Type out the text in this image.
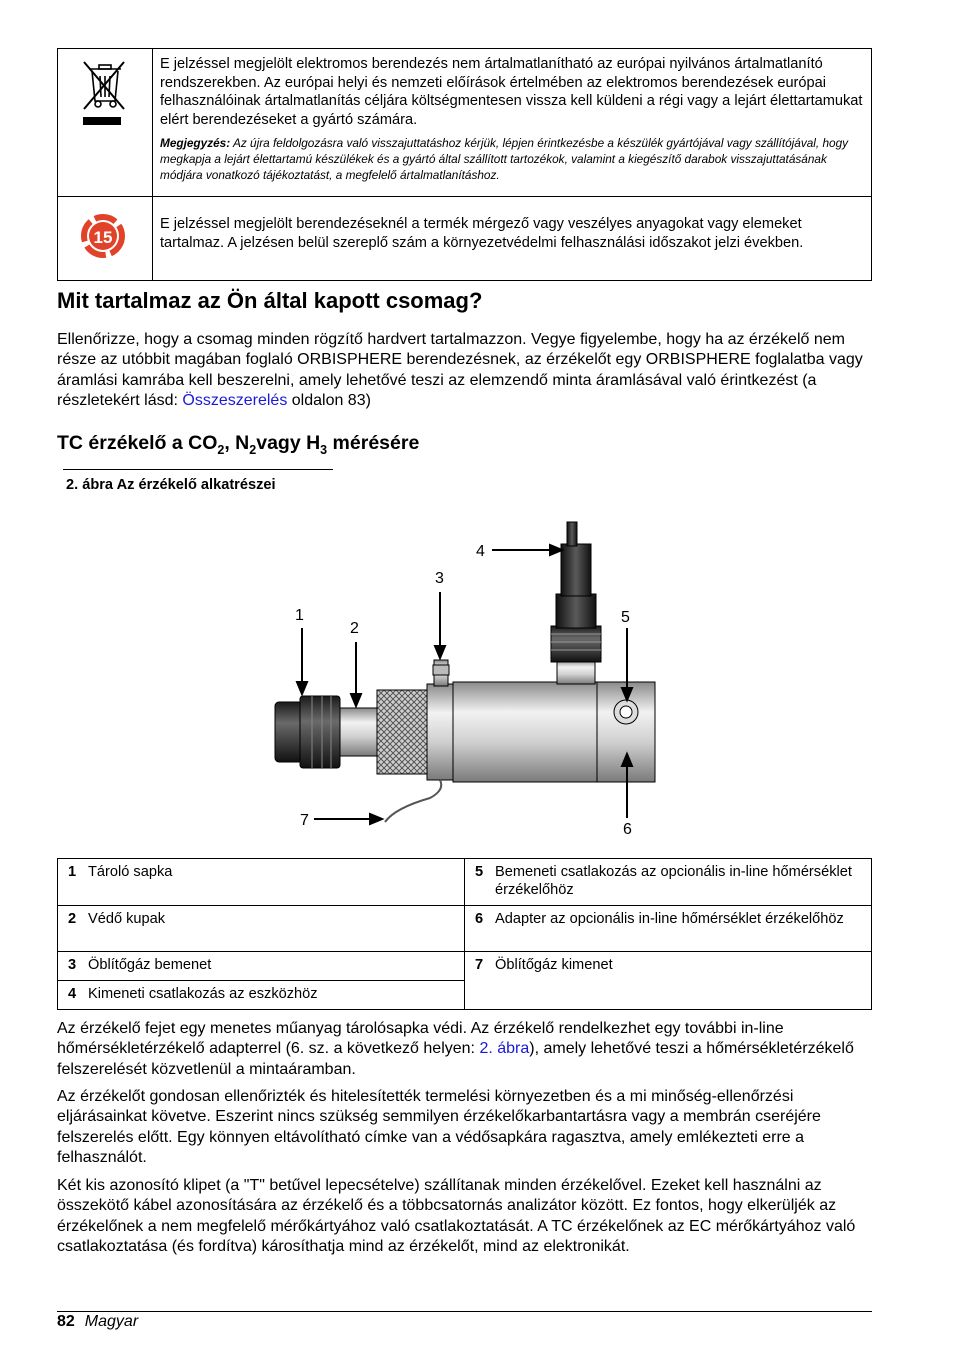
E jelzéssel megjelölt elektromos berendezés nem ártalmatlanítható az európai nyilvános ártalmatlanító rendszerekben. Az európai helyi és nemzeti előírások értelmében az elektromos berendezések európai felhasználóinak ártalmatlanítás céljára költségmentesen vissza kell küldeni a régi vagy a lejárt élettartamukat elért berendezéseket a gyártó számára.
Megjegyzés: Az újra feldolgozásra való visszajuttatáshoz kérjük, lépjen érintkezésbe a készülék gyártójával vagy szállítójával, hogy megkapja a lejárt élettartamú készülékek és a gyártó által szállított tartozékok, valamint a kiegészítő darabok visszajuttatásának módjára vonatkozó tájékoztatást, a megfelelő ártalmatlanításhoz.

15	E jelzéssel megjelölt berendezéseknél a termék mérgező vagy veszélyes anyagokat vagy elemeket tartalmaz. A jelzésen belül szereplő szám a környezetvédelmi felhasználási időszakot jelzi években.
Mit tartalmaz az Ön által kapott csomag?

Ellenőrizze, hogy a csomag minden rögzítő hardvert tartalmazzon. Vegye figyelembe, hogy ha az érzékelő nem része az utóbbit magában foglaló ORBISPHERE berendezésnek, az érzékelőt egy ORBISPHERE foglalatba vagy áramlási kamrába kell beszerelni, amely lehetővé teszi az elemzendő minta áramlásával való érintkezést (a részletekért lásd: Összeszerelés oldalon 83)

TC érzékelő a $CO_2$, $N_2vagy$ $H_3$ mérésére
2. ábra Az érzékelő alkatrészei
1
2
3
4
5
6
7
1 Tároló sapka	5 Bemeneti csatlakozás az opcionális in-line hőmérséklet érzékelőhöz
2 Védő kupak	6 Adapter az opcionális in-line hőmérséklet érzékelőhöz
3 Öblítőgáz bemenet	7 Öblítőgáz kimenet
4 Kimeneti csatlakozás az eszközhöz	

Az érzékelő fejet egy menetes műanyag tárolósapka védi. Az érzékelő rendelkezhet egy további in-line hőmérsékletérzékelő adapterrel (6. sz. a következő helyen: 2. ábra), amely lehetővé teszi a hőmérsékletérzékelő felszerelését közvetlenül a mintaáramban.

Az érzékelőt gondosan ellenőrizték és hitelesítették termelési környezetben és a mi minőség-ellenőrzési eljárásainkat követve. Eszerint nincs szükség semmilyen érzékelőkarbantartásra vagy a membrán cseréjére felszerelés előtt. Egy könnyen eltávolítható címke van a védősapkára ragasztva, amely emlékezteti erre a felhasználót.

Két kis azonosító klipet (a "T" betűvel lepecsételve) szállítanak minden érzékelővel. Ezeket kell használni az összekötő kábel azonosítására az érzékelő és a többcsatornás analizátor között. Ez fontos, hogy elkerüljék az érzékelőnek a nem megfelelő mérőkártyához való csatlakoztatását. A TC érzékelőnek az EC mérőkártyához való csatlakoztatása (és fordítva) károsíthatja mind az érzékelőt, mind az elektronikát.

82 Magyar
